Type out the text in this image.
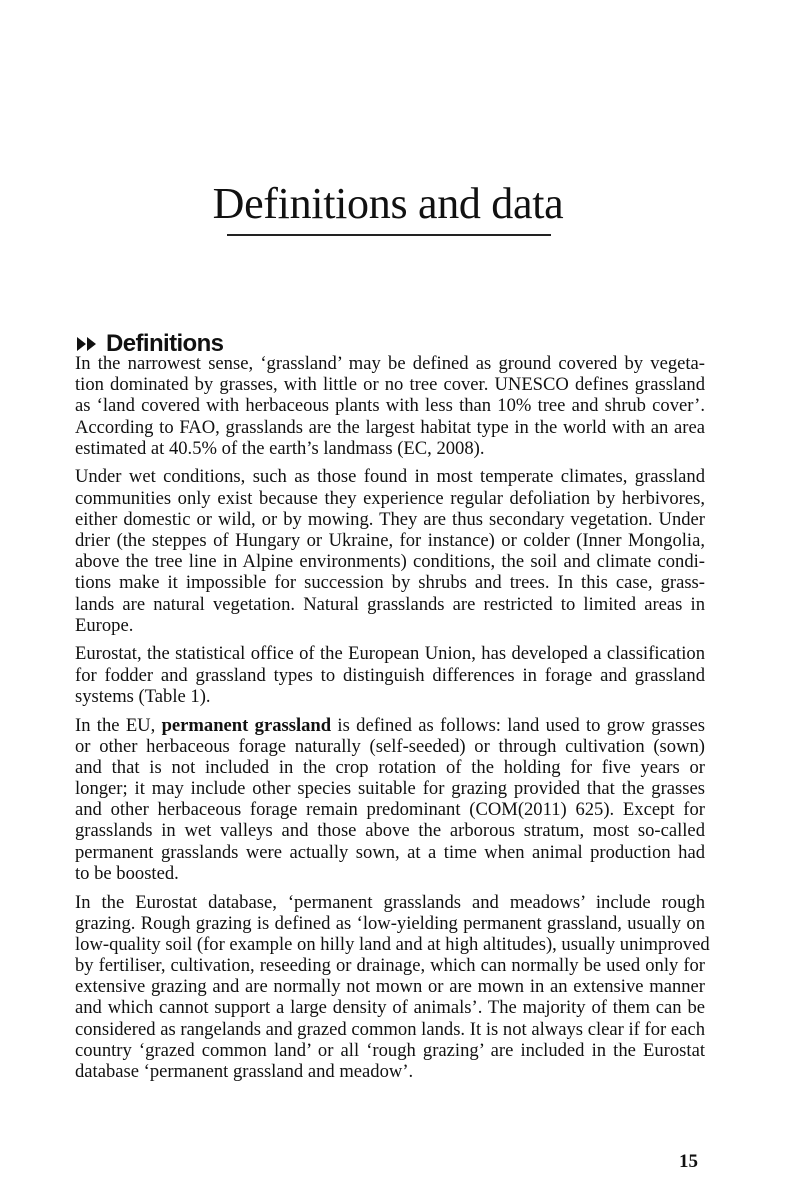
Definitions and data
Definitions
In the narrowest sense, ‘grassland’ may be defined as ground covered by vegeta-
tion dominated by grasses, with little or no tree cover. UNESCO defines grassland
as ‘land covered with herbaceous plants with less than 10% tree and shrub cover’.
According to FAO, grasslands are the largest habitat type in the world with an area
estimated at 40.5% of the earth’s landmass (EC, 2008).
Under wet conditions, such as those found in most temperate climates, grassland
communities only exist because they experience regular defoliation by herbivores,
either domestic or wild, or by mowing. They are thus secondary vegetation. Under
drier (the steppes of Hungary or Ukraine, for instance) or colder (Inner Mongolia,
above the tree line in Alpine environments) conditions, the soil and climate condi-
tions make it impossible for succession by shrubs and trees. In this case, grass-
lands are natural vegetation. Natural grasslands are restricted to limited areas in
Europe.
Eurostat, the statistical office of the European Union, has developed a classification
for fodder and grassland types to distinguish differences in forage and grassland
systems (Table 1).
In the EU, permanent grassland is defined as follows: land used to grow grasses
or other herbaceous forage naturally (self-seeded) or through cultivation (sown)
and that is not included in the crop rotation of the holding for five years or
longer; it may include other species suitable for grazing provided that the grasses
and other herbaceous forage remain predominant (COM(2011) 625). Except for
grasslands in wet valleys and those above the arborous stratum, most so-called
permanent grasslands were actually sown, at a time when animal production had
to be boosted.
In the Eurostat database, ‘permanent grasslands and meadows’ include rough
grazing. Rough grazing is defined as ‘low-yielding permanent grassland, usually on
low-quality soil (for example on hilly land and at high altitudes), usually unimproved
by fertiliser, cultivation, reseeding or drainage, which can normally be used only for
extensive grazing and are normally not mown or are mown in an extensive manner
and which cannot support a large density of animals’. The majority of them can be
considered as rangelands and grazed common lands. It is not always clear if for each
country ‘grazed common land’ or all ‘rough grazing’ are included in the Eurostat
database ‘permanent grassland and meadow’.
15
